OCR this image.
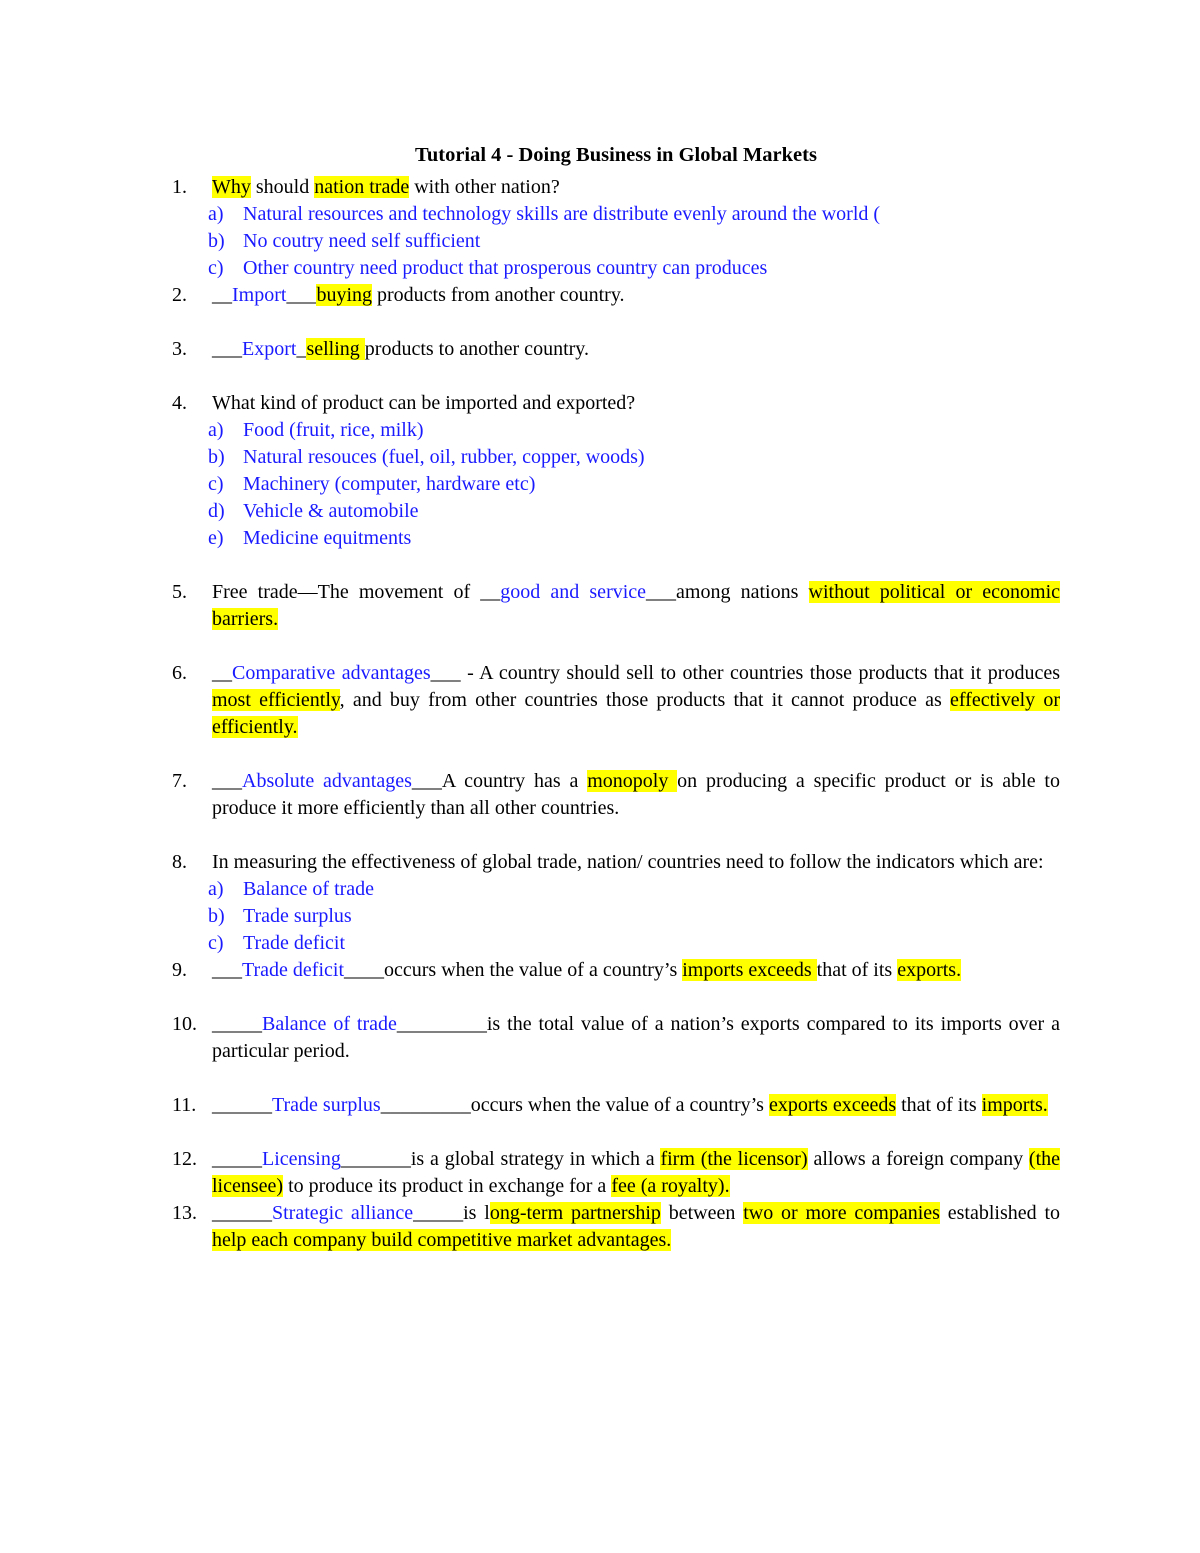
Tutorial 4 - Doing Business in Global Markets
1. Why should nation trade with other nation?
a) Natural resources and technology skills are distribute evenly around the world (
b) No coutry need self sufficient
c) Other country need product that prosperous country can produces
2. __Import___buying products from another country.
3. ___Export_selling products to another country.
4. What kind of product can be imported and exported?
a) Food (fruit, rice, milk)
b) Natural resouces (fuel, oil, rubber, copper, woods)
c) Machinery (computer, hardware etc)
d) Vehicle & automobile
e) Medicine equitments
5. Free trade—The movement of __good and service___among nations without political or economic barriers.
6. __Comparative advantages___ - A country should sell to other countries those products that it produces most efficiently, and buy from other countries those products that it cannot produce as effectively or efficiently.
7. ___Absolute advantages___A country has a monopoly on producing a specific product or is able to produce it more efficiently than all other countries.
8. In measuring the effectiveness of global trade, nation/ countries need to follow the indicators which are:
a) Balance of trade
b) Trade surplus
c) Trade deficit
9. ___Trade deficit____occurs when the value of a country’s imports exceeds that of its exports.
10. _____Balance of trade_________is the total value of a nation’s exports compared to its imports over a particular period.
11. ______Trade surplus_________occurs when the value of a country’s exports exceeds that of its imports.
12. _____Licensing_______is a global strategy in which a firm (the licensor) allows a foreign company (the licensee) to produce its product in exchange for a fee (a royalty).
13. ______Strategic alliance_____is long-term partnership between two or more companies established to help each company build competitive market advantages.
